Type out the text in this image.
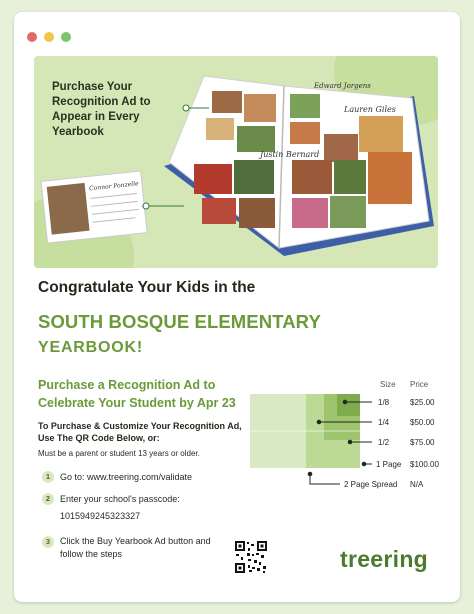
Purchase Your Recognition Ad to Appear in Every Yearbook
Justin Bernard
Lauren Giles
Edward Jorgens
Connor Ponzelle
Congratulate Your Kids in the
SOUTH BOSQUE ELEMENTARY
YEARBOOK!
Purchase a Recognition Ad to
Celebrate Your Student by Apr 23
To Purchase & Customize Your Recognition Ad, Use The QR Code Below, or:
Must be a parent or student 13 years or older.
1	Go to: www.treering.com/validate
2	Enter your school's passcode:
1015949245323327
3	Click the Buy Yearbook Ad button and follow the steps	treering
Size Price
1/8	$25.00
1/4	$50.00
1/2	$75.00
1 Page $100.00
2 Page Spread N/A
